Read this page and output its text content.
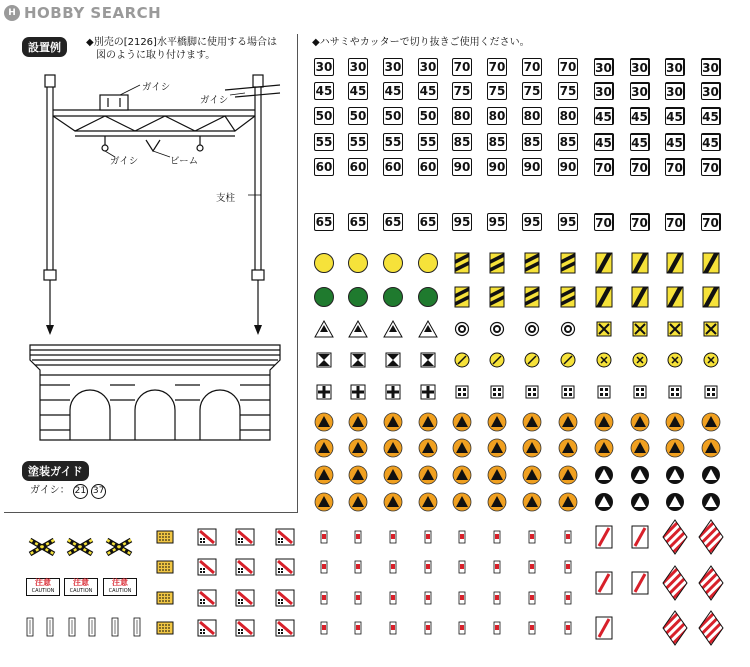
H HOBBY SEARCH
設置例	◆別売の[2126]水平橋脚に使用する場合は
図のように取り付けます。
ガイシ
ガイシ
ガイシ	ビーム
支柱
塗装ガイド
ガイシ： 21 37
◆ハサミやカッターで切り抜きご使用ください。
30 30 30 30 70 70 70 70 30 30 30 30
45 45 45 45 75 75 75 75 30 30 30 30
50 50 50 50 80 80 80 80 45 45 45 45
55 55 55 55 85 85 85 85 45 45 45 45
60 60 60 60 90 90 90 90 70 70 70 70
65 65 65 65 95 95 95 95 70 70 70 70
注意
CAUTION
注意
CAUTION
注意
CAUTION
